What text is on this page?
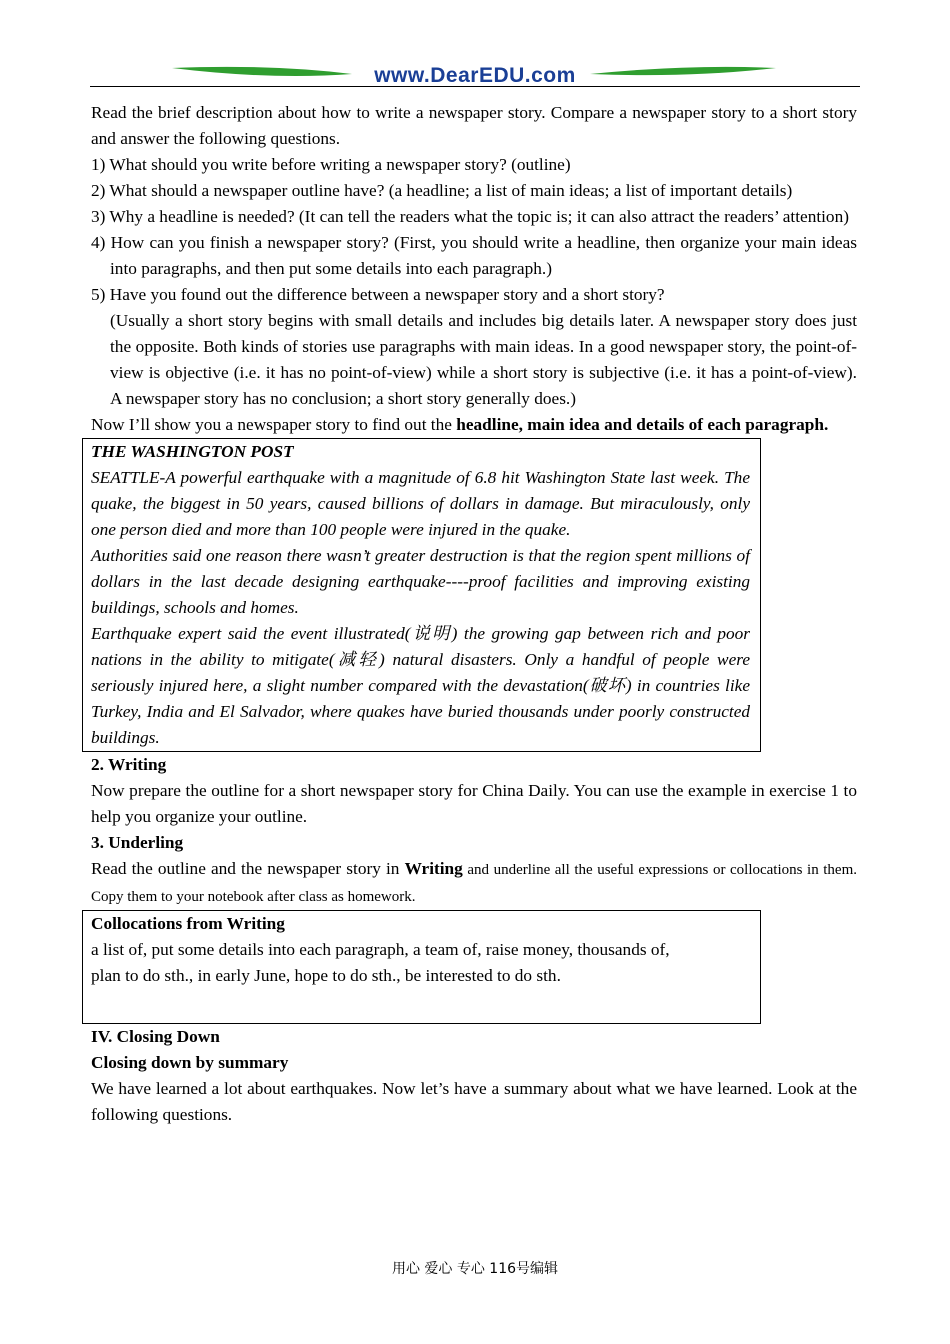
www.DearEDU.com

Read the brief description about how to write a newspaper story. Compare a newspaper story to a short story and answer the following questions.

1) What should you write before writing a newspaper story? (outline)

2) What should a newspaper outline have? (a headline; a list of main ideas; a list of important details)

3) Why a headline is needed? (It can tell the readers what the topic is; it can also attract the readers’ attention)

4) How can you finish a newspaper story? (First, you should write a headline, then organize your main ideas into paragraphs, and then put some details into each paragraph.)

5) Have you found out the difference between a newspaper story and a short story?

(Usually a short story begins with small details and includes big details later. A newspaper story does just the opposite. Both kinds of stories use paragraphs with main ideas. In a good newspaper story, the point-of-view is objective (i.e. it has no point-of-view) while a short story is subjective (i.e. it has a point-of-view). A newspaper story has no conclusion; a short story generally does.)

Now I’ll show you a newspaper story to find out the headline, main idea and details of each paragraph.

THE WASHINGTON POST

SEATTLE-A powerful earthquake with a magnitude of 6.8 hit Washington State last week. The quake, the biggest in 50 years, caused billions of dollars in damage. But miraculously, only one person died and more than 100 people were injured in the quake.

Authorities said one reason there wasn’t greater destruction is that the region spent millions of dollars in the last decade designing earthquake----proof facilities and improving existing buildings, schools and homes.

Earthquake expert said the event illustrated(说明) the growing gap between rich and poor nations in the ability to mitigate(减轻) natural disasters. Only a handful of people were seriously injured here, a slight number compared with the devastation(破坏) in countries like Turkey, India and El Salvador, where quakes have buried thousands under poorly constructed buildings.

2. Writing

Now prepare the outline for a short newspaper story for China Daily. You can use the example in exercise 1 to help you organize your outline.

3. Underling

Read the outline and the newspaper story in Writing and underline all the useful expressions or collocations in them. Copy them to your notebook after class as homework.

Collocations from Writing

a list of, put some details into each paragraph, a team of, raise money, thousands of,

plan to do sth., in early June, hope to do sth., be interested to do sth.

IV. Closing Down

Closing down by summary

We have learned a lot about earthquakes. Now let’s have a summary about what we have learned. Look at the following questions.

用心 爱心 专心 116号编辑
